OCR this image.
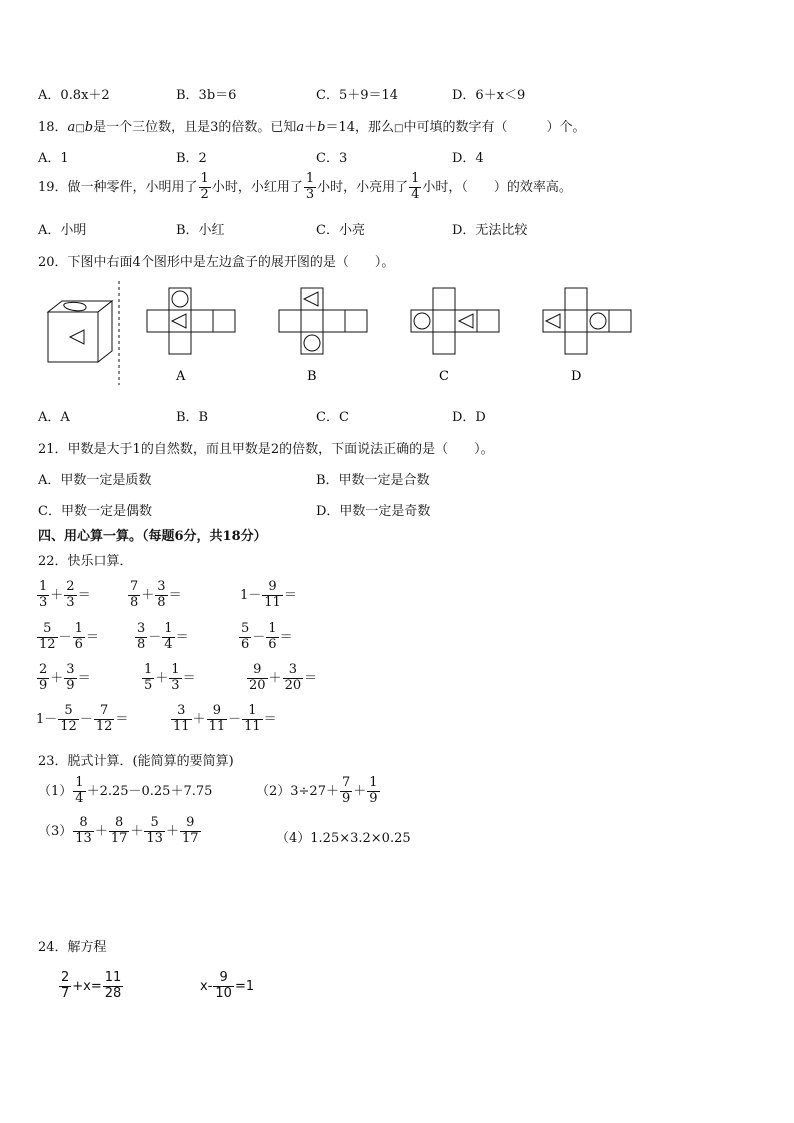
A．0.8x＋2	B．3b＝6	C．5＋9＝14	D．6＋x＜9
18．a□b是一个三位数，且是3的倍数。已知a＋b＝14，那么□中可填的数字有（　　　）个。
A．1	B．2	C．3	D．4
19．做一种零件，小明用了 $\frac{1}{2}$ 小时，小红用了 $\frac{1}{3}$ 小时，小亮用了 $\frac{1}{4}$ 小时，（　　）的效率高。
A．小明	B．小红	C．小亮	D．无法比较
20．下图中右面4个图形中是左边盒子的展开图的是（　　）。
A	B	C	D
A．A	B．B	C．C	D．D
21．甲数是大于1的自然数，而且甲数是2的倍数，下面说法正确的是（　　）。
A．甲数一定是质数	B．甲数一定是合数
C．甲数一定是偶数	D．甲数一定是奇数
四、用心算一算。（每题6分，共18分）
22．快乐口算．
$\frac{1}{3} + \frac{2}{3}$ ＝	$\frac{7}{8} + \frac{3}{8}$ ＝	$1- \frac{9}{11}$ ＝
$\frac{5}{12} - \frac{1}{6}$ ＝	$\frac{3}{8} - \frac{1}{4}$ ＝	$\frac{5}{6} - \frac{1}{6}$ ＝
$\frac{2}{9} + \frac{3}{9}$ ＝	$\frac{1}{5} + \frac{1}{3}$ ＝	$\frac{9}{20} + \frac{3}{20}$ ＝
$1- \frac{5}{12} - \frac{7}{12}$ ＝	$\frac{3}{11} + \frac{9}{11} - \frac{1}{11}$ ＝
23．脱式计算．(能简算的要简算)
$(1) \frac{1}{4} +2.25-0.25+7.75$	$(2)3\div 27+ \frac{7}{9} + \frac{1}{9}$
$(3) \frac{8}{13} + \frac{8}{17} + \frac{5}{13} + \frac{9}{17}$	（4）1.25×3.2×0.25
24．解方程
$\frac{2}{7} +x= \frac{11}{28}$	$x- \frac{9}{10} =1$
